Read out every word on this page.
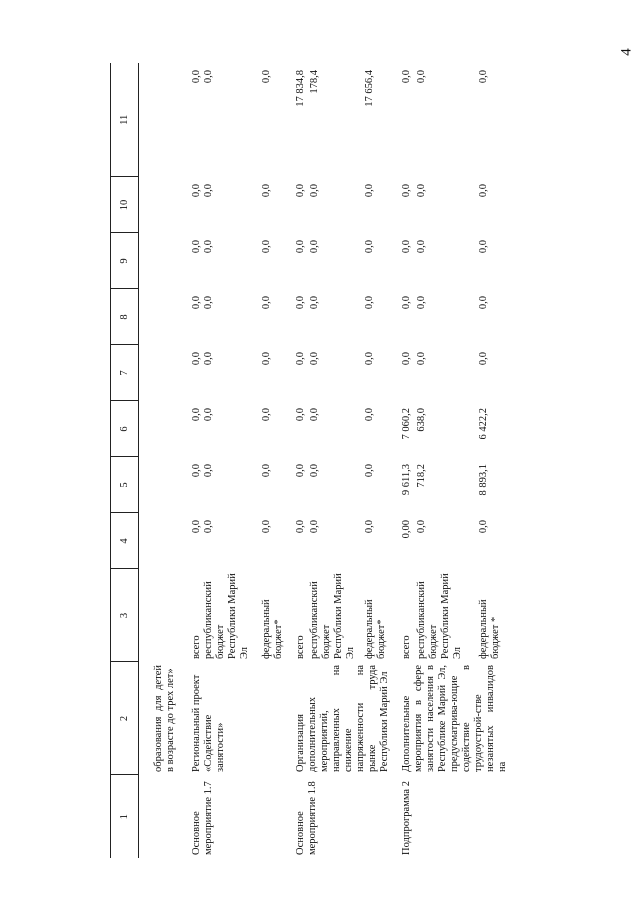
4
1	2	3	4	5	6	7	8	9	10	11

	образования для детей в возрасте до трех лет»									

Основное мероприятие 1.7	Региональный проект «Содействие занятости»	всего	0,0	0,0	0,0	0,0	0,0	0,0	0,0	0,0
		республиканский бюджет Республики Марий Эл	0,0	0,0	0,0	0,0	0,0	0,0	0,0	0,0
		федеральный бюджет*	0,0	0,0	0,0	0,0	0,0	0,0	0,0	0,0

Основное мероприятие 1.8	Организация дополнительных мероприятий, направленных на снижение напряженности на рынке труда Республики Марий Эл	всего	0,0	0,0	0,0	0,0	0,0	0,0	0,0	17 834,8
		республиканский бюджет Республики Марий Эл	0,0	0,0	0,0	0,0	0,0	0,0	0,0	178,4
		федеральный бюджет*	0,0	0,0	0,0	0,0	0,0	0,0	0,0	17 656,4

Подпрограмма 2	Дополнительные мероприятия в сфере занятости населения в Республике Марий Эл, предусматрива-ющие содействие в трудоустрой-стве незанятых инвалидов на	всего	0,00	9 611,3	7 060,2	0,0	0,0	0,0	0,0	0,0
		республиканский бюджет Республики Марий Эл	0,0	718,2	638,0	0,0	0,0	0,0	0,0	0,0
		федеральный бюджет *	0,0	8 893,1	6 422,2	0,0	0,0	0,0	0,0	0,0
